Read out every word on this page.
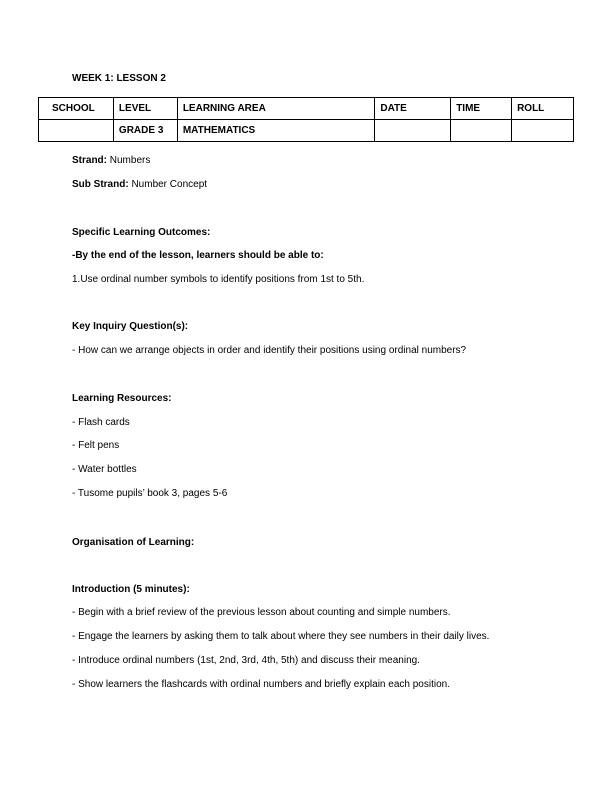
WEEK 1: LESSON 2
SCHOOL	LEVEL	LEARNING AREA	DATE	TIME	ROLL
	GRADE 3	MATHEMATICS			
Strand: Numbers
Sub Strand: Number Concept
Specific Learning Outcomes:
-By the end of the lesson, learners should be able to:
1.Use ordinal number symbols to identify positions from 1st to 5th.
Key Inquiry Question(s):
- How can we arrange objects in order and identify their positions using ordinal numbers?
Learning Resources:
- Flash cards
- Felt pens
- Water bottles
- Tusome pupils’ book 3, pages 5-6
Organisation of Learning:
Introduction (5 minutes):
- Begin with a brief review of the previous lesson about counting and simple numbers.
- Engage the learners by asking them to talk about where they see numbers in their daily lives.
- Introduce ordinal numbers (1st, 2nd, 3rd, 4th, 5th) and discuss their meaning.
- Show learners the flashcards with ordinal numbers and briefly explain each position.
